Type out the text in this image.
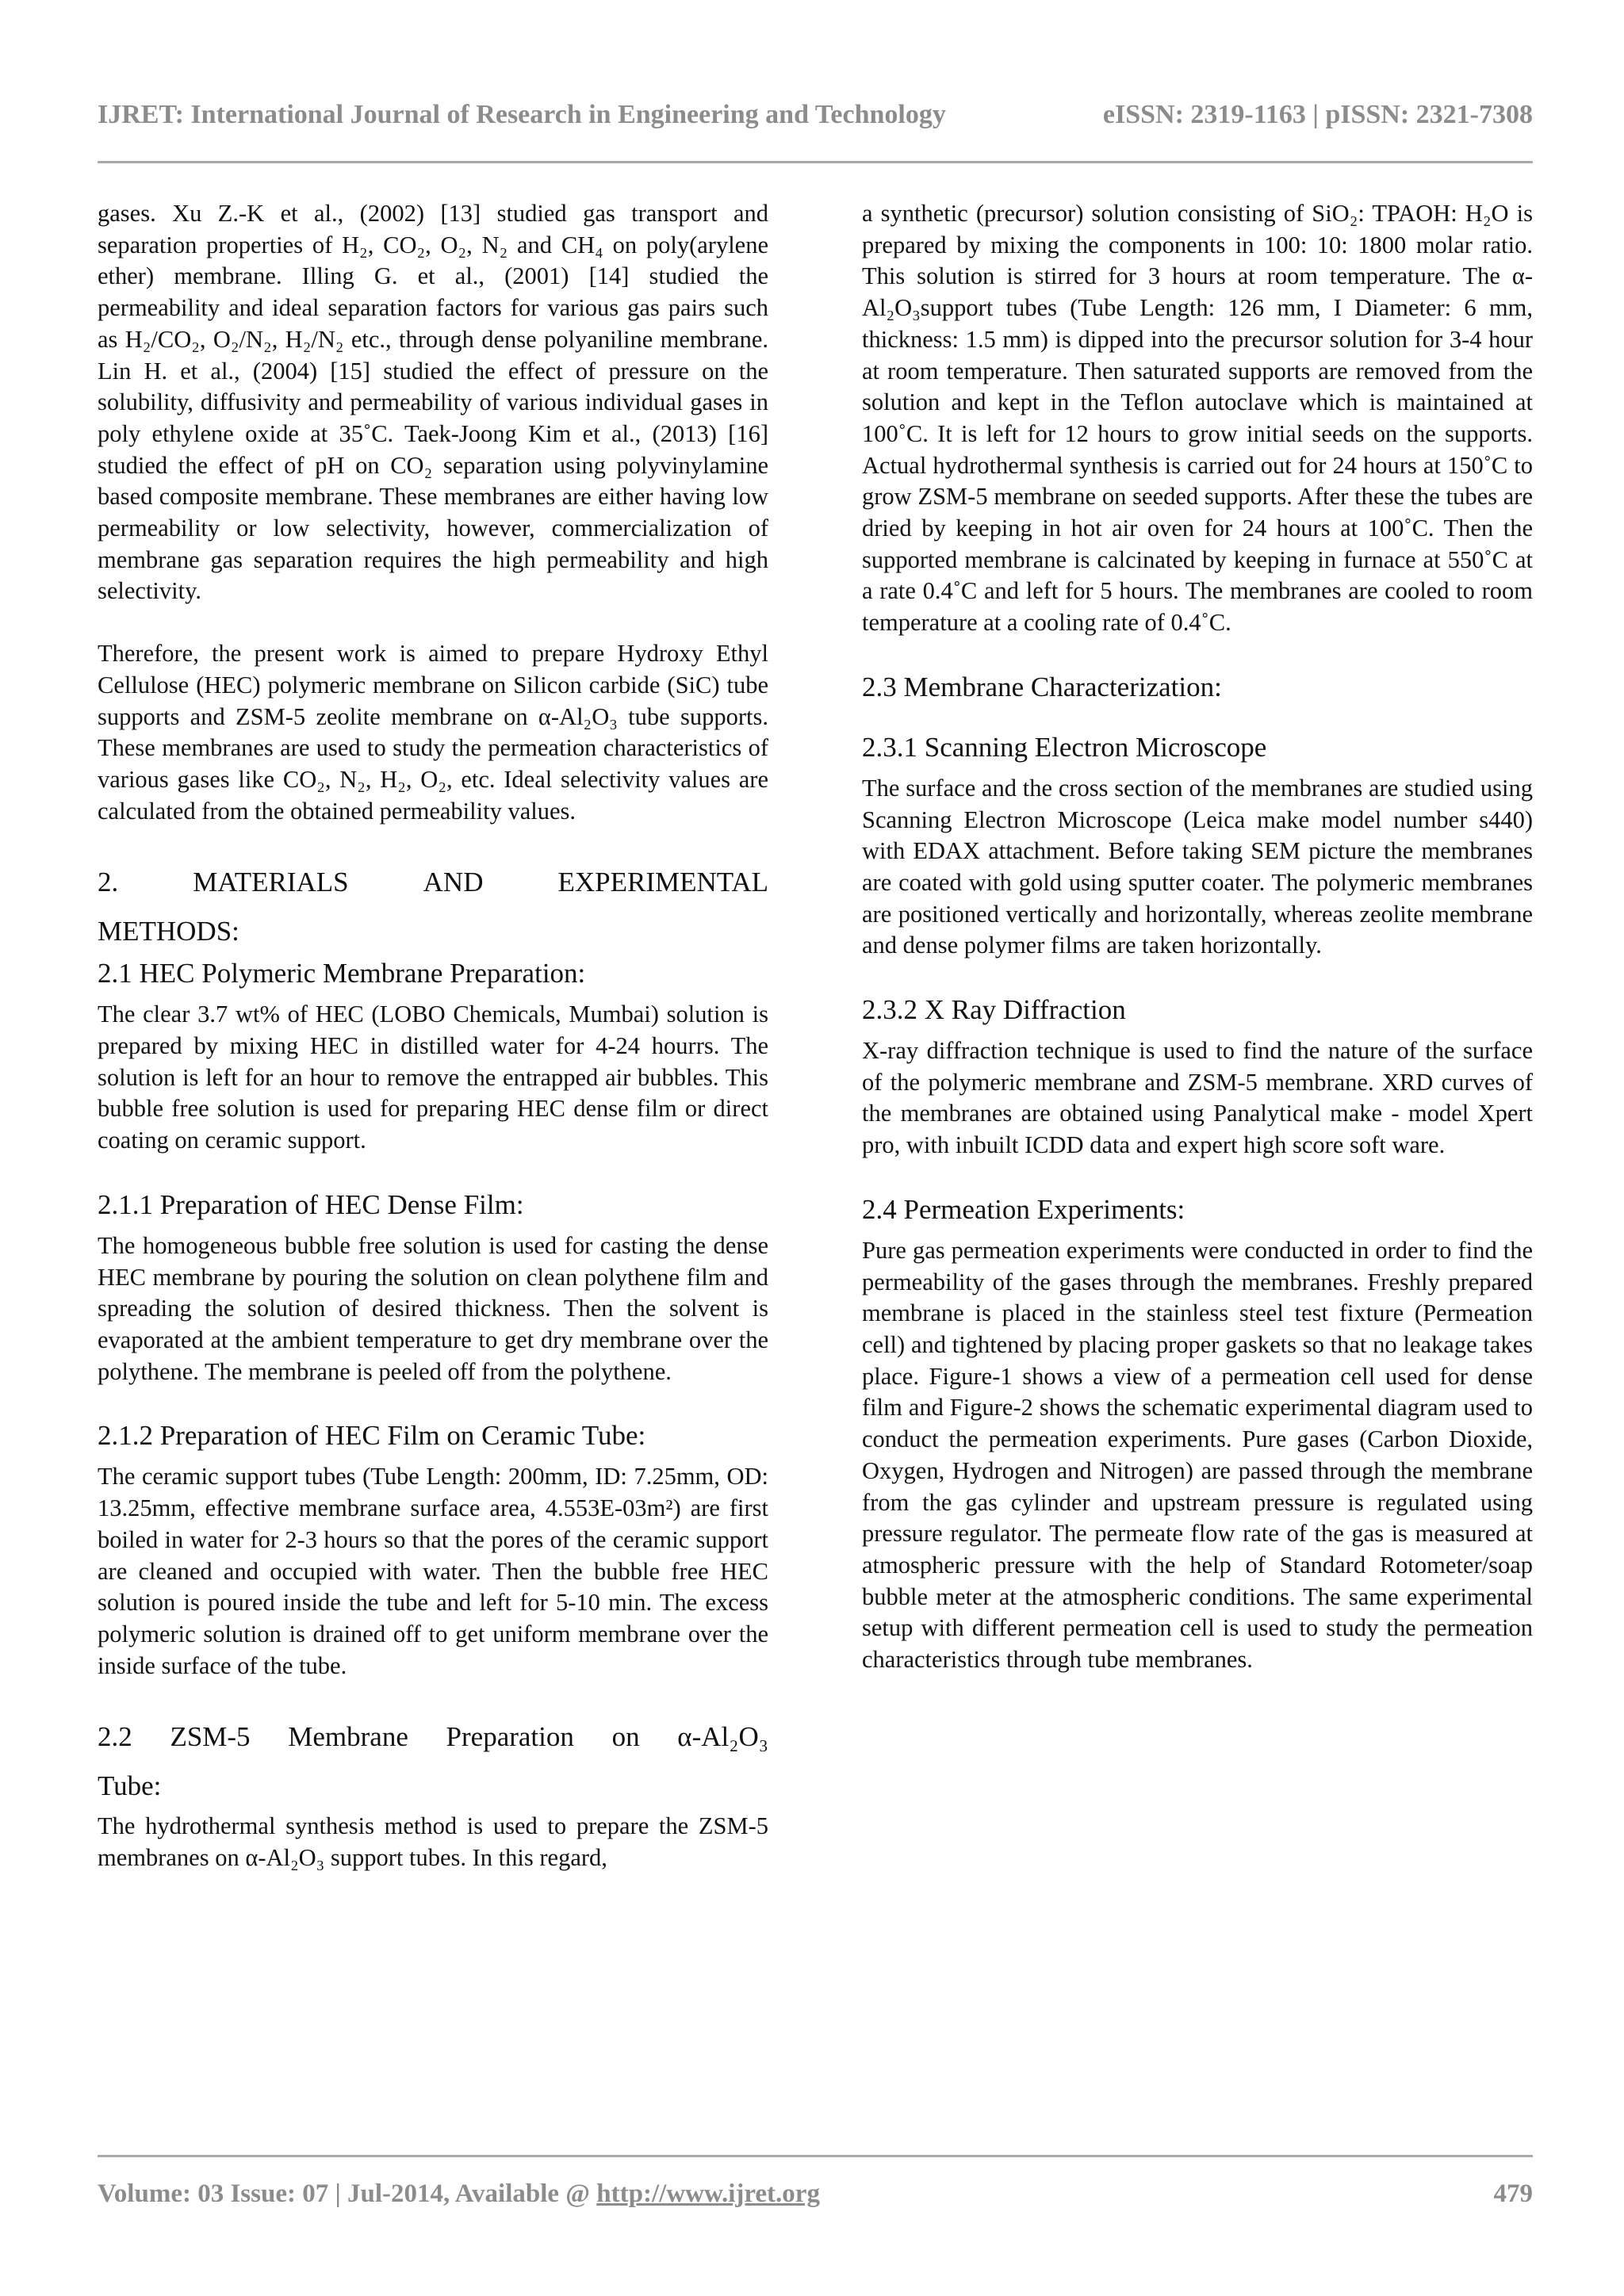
IJRET: International Journal of Research in Engineering and Technology	eISSN: 2319-1163 | pISSN: 2321-7308

gases. Xu Z.-K et al., (2002) [13] studied gas transport and separation properties of H₂, CO₂, O₂, N₂ and CH₄ on poly(arylene ether) membrane. Illing G. et al., (2001) [14] studied the permeability and ideal separation factors for various gas pairs such as H₂/CO₂, O₂/N₂, H₂/N₂ etc., through dense polyaniline membrane. Lin H. et al., (2004) [15] studied the effect of pressure on the solubility, diffusivity and permeability of various individual gases in poly ethylene oxide at 35˚C. Taek-Joong Kim et al., (2013) [16] studied the effect of pH on CO₂ separation using polyvinylamine based composite membrane. These membranes are either having low permeability or low selectivity, however, commercialization of membrane gas separation requires the high permeability and high selectivity.

Therefore, the present work is aimed to prepare Hydroxy Ethyl Cellulose (HEC) polymeric membrane on Silicon carbide (SiC) tube supports and ZSM-5 zeolite membrane on α-Al₂O₃ tube supports. These membranes are used to study the permeation characteristics of various gases like CO₂, N₂, H₂, O₂, etc. Ideal selectivity values are calculated from the obtained permeability values.

2.	MATERIALS	AND	EXPERIMENTAL
METHODS:
2.1 HEC Polymeric Membrane Preparation:

The clear 3.7 wt% of HEC (LOBO Chemicals, Mumbai) solution is prepared by mixing HEC in distilled water for 4-24 hourrs. The solution is left for an hour to remove the entrapped air bubbles. This bubble free solution is used for preparing HEC dense film or direct coating on ceramic support.

2.1.1 Preparation of HEC Dense Film:

The homogeneous bubble free solution is used for casting the dense HEC membrane by pouring the solution on clean polythene film and spreading the solution of desired thickness. Then the solvent is evaporated at the ambient temperature to get dry membrane over the polythene. The membrane is peeled off from the polythene.

2.1.2 Preparation of HEC Film on Ceramic Tube:

The ceramic support tubes (Tube Length: 200mm, ID: 7.25mm, OD: 13.25mm, effective membrane surface area, 4.553E-03m²) are first boiled in water for 2-3 hours so that the pores of the ceramic support are cleaned and occupied with water. Then the bubble free HEC solution is poured inside the tube and left for 5-10 min. The excess polymeric solution is drained off to get uniform membrane over the inside surface of the tube.

2.2 ZSM-5 Membrane Preparation on α-Al₂O₃
Tube:

The hydrothermal synthesis method is used to prepare the ZSM-5 membranes on α-Al₂O₃ support tubes. In this regard,

a synthetic (precursor) solution consisting of SiO₂: TPAOH: H₂O is prepared by mixing the components in 100: 10: 1800 molar ratio. This solution is stirred for 3 hours at room temperature. The α-Al₂O₃support tubes (Tube Length: 126 mm, I Diameter: 6 mm, thickness: 1.5 mm) is dipped into the precursor solution for 3-4 hour at room temperature. Then saturated supports are removed from the solution and kept in the Teflon autoclave which is maintained at 100˚C. It is left for 12 hours to grow initial seeds on the supports. Actual hydrothermal synthesis is carried out for 24 hours at 150˚C to grow ZSM-5 membrane on seeded supports. After these the tubes are dried by keeping in hot air oven for 24 hours at 100˚C. Then the supported membrane is calcinated by keeping in furnace at 550˚C at a rate 0.4˚C and left for 5 hours. The membranes are cooled to room temperature at a cooling rate of 0.4˚C.

2.3 Membrane Characterization:
2.3.1 Scanning Electron Microscope

The surface and the cross section of the membranes are studied using Scanning Electron Microscope (Leica make model number s440) with EDAX attachment. Before taking SEM picture the membranes are coated with gold using sputter coater. The polymeric membranes are positioned vertically and horizontally, whereas zeolite membrane and dense polymer films are taken horizontally.

2.3.2 X Ray Diffraction

X-ray diffraction technique is used to find the nature of the surface of the polymeric membrane and ZSM-5 membrane. XRD curves of the membranes are obtained using Panalytical make - model Xpert pro, with inbuilt ICDD data and expert high score soft ware.

2.4 Permeation Experiments:

Pure gas permeation experiments were conducted in order to find the permeability of the gases through the membranes. Freshly prepared membrane is placed in the stainless steel test fixture (Permeation cell) and tightened by placing proper gaskets so that no leakage takes place. Figure-1 shows a view of a permeation cell used for dense film and Figure-2 shows the schematic experimental diagram used to conduct the permeation experiments. Pure gases (Carbon Dioxide, Oxygen, Hydrogen and Nitrogen) are passed through the membrane from the gas cylinder and upstream pressure is regulated using pressure regulator. The permeate flow rate of the gas is measured at atmospheric pressure with the help of Standard Rotometer/soap bubble meter at the atmospheric conditions. The same experimental setup with different permeation cell is used to study the permeation characteristics through tube membranes.

Volume: 03 Issue: 07 | Jul-2014, Available @ http://www.ijret.org	479
